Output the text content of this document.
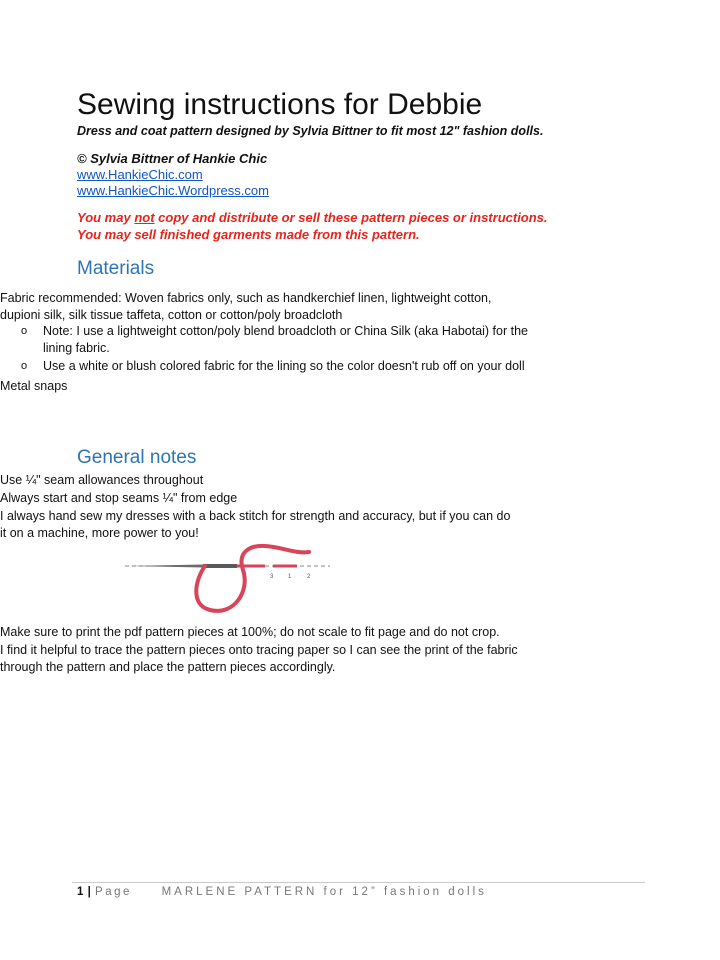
Sewing instructions for Debbie
Dress and coat pattern designed by Sylvia Bittner to fit most 12" fashion dolls.
© Sylvia Bittner of Hankie Chic
www.HankieChic.com
www.HankieChic.Wordpress.com
You may not copy and distribute or sell these pattern pieces or instructions.
You may sell finished garments made from this pattern.
Materials
Fabric recommended: Woven fabrics only, such as handkerchief linen, lightweight cotton, dupioni silk, silk tissue taffeta, cotton or cotton/poly broadcloth
o Note: I use a lightweight cotton/poly blend broadcloth or China Silk (aka Habotai) for the lining fabric.
o Use a white or blush colored fabric for the lining so the color doesn't rub off on your doll
Metal snaps
General notes
Use ¼" seam allowances throughout
Always start and stop seams ¼" from edge
I always hand sew my dresses with a back stitch for strength and accuracy, but if you can do it on a machine, more power to you!
3 1	2
Make sure to print the pdf pattern pieces at 100%; do not scale to fit page and do not crop.
I find it helpful to trace the pattern pieces onto tracing paper so I can see the print of the fabric through the pattern and place the pattern pieces accordingly.
1 | Page	MARLENE PATTERN for 12” fashion dolls
